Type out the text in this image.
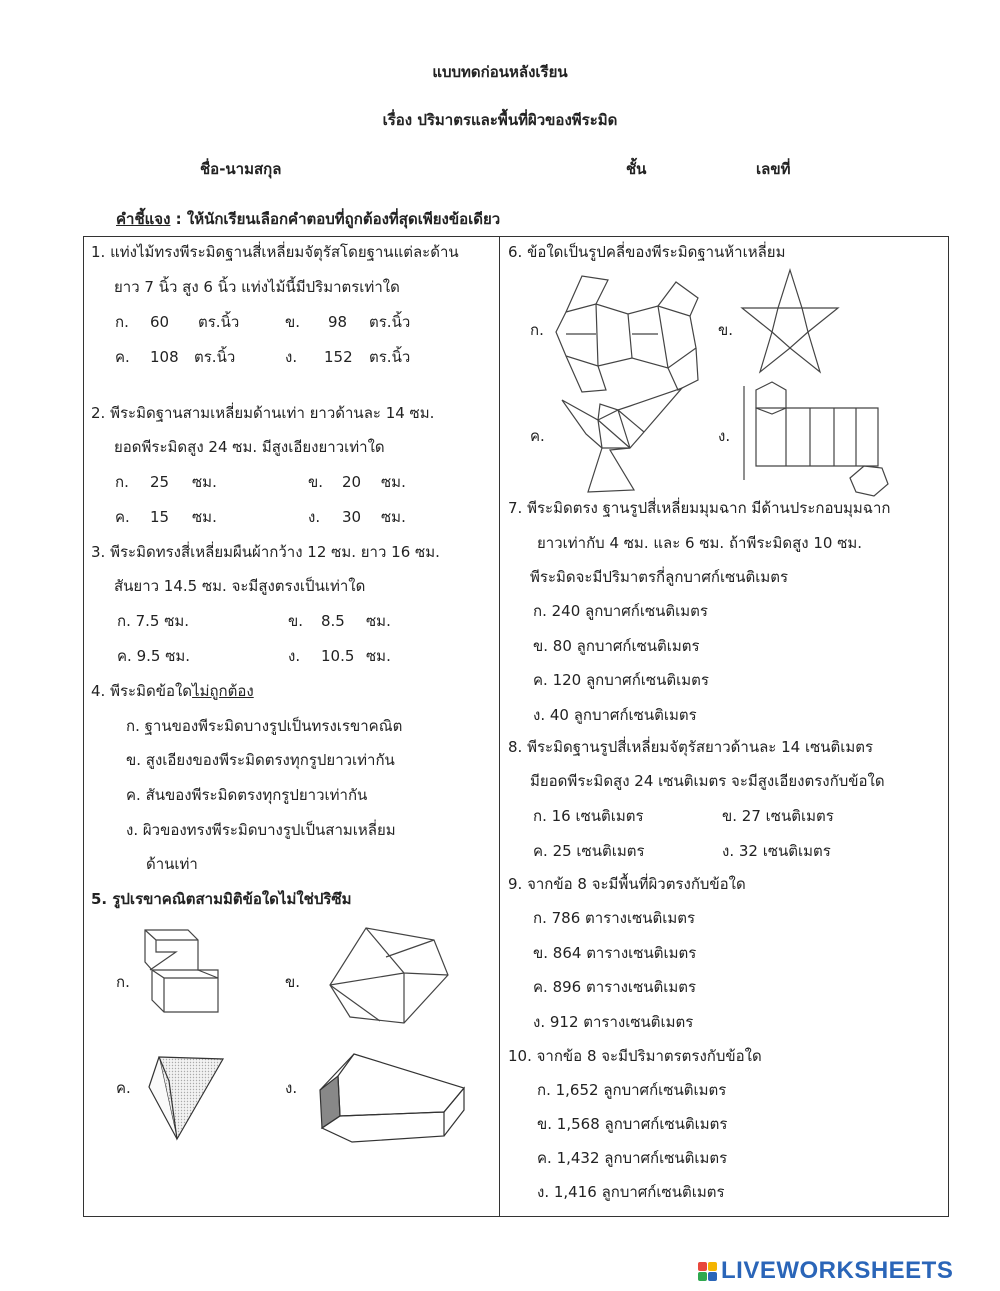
แบบทดก่อนหลังเรียน
เรื่อง ปริมาตรและพื้นที่ผิวของพีระมิด
ชื่อ-นามสกุล	ชั้น	เลขที่
คำชี้แจง : ให้นักเรียนเลือกคำตอบที่ถูกต้องที่สุดเพียงข้อเดียว
1. แท่งไม้ทรงพีระมิดฐานสี่เหลี่ยมจัตุรัสโดยฐานแต่ละด้าน
ยาว 7 นิ้ว สูง 6 นิ้ว แท่งไม้นี้มีปริมาตรเท่าใด
ก. 60 ตร.นิ้ว	ข. 98 ตร.นิ้ว
ค. 108 ตร.นิ้ว	ง. 152 ตร.นิ้ว
2. พีระมิดฐานสามเหลี่ยมด้านเท่า ยาวด้านละ 14 ซม.
ยอดพีระมิดสูง 24 ซม. มีสูงเอียงยาวเท่าใด
ก. 25 ซม.	ข. 20 ซม.
ค. 15 ซม.	ง. 30 ซม.
3. พีระมิดทรงสี่เหลี่ยมผืนผ้ากว้าง 12 ซม. ยาว 16 ซม.
สันยาว 14.5 ซม. จะมีสูงตรงเป็นเท่าใด
ก. 7.5 ซม.	ข. 8.5 ซม.
ค. 9.5 ซม.	ง. 10.5 ซม.
4. พีระมิดข้อใดไม่ถูกต้อง
ก. ฐานของพีระมิดบางรูปเป็นทรงเรขาคณิต
ข. สูงเอียงของพีระมิดตรงทุกรูปยาวเท่ากัน
ค. สันของพีระมิดตรงทุกรูปยาวเท่ากัน
ง. ผิวของทรงพีระมิดบางรูปเป็นสามเหลี่ยม
ด้านเท่า
5. รูปเรขาคณิตสามมิติข้อใดไม่ใช่ปริซึม
ก.	ข.
ค.	ง.
6. ข้อใดเป็นรูปคลี่ของพีระมิดฐานห้าเหลี่ยม
ก.	ข.
ค.	ง.
7. พีระมิดตรง ฐานรูปสี่เหลี่ยมมุมฉาก มีด้านประกอบมุมฉาก
ยาวเท่ากับ 4 ซม. และ 6 ซม. ถ้าพีระมิดสูง 10 ซม.
พีระมิดจะมีปริมาตรกี่ลูกบาศก์เซนติเมตร
ก. 240 ลูกบาศก์เซนติเมตร
ข. 80 ลูกบาศก์เซนติเมตร
ค. 120 ลูกบาศก์เซนติเมตร
ง. 40 ลูกบาศก์เซนติเมตร
8. พีระมิดฐานรูปสี่เหลี่ยมจัตุรัสยาวด้านละ 14 เซนติเมตร
มียอดพีระมิดสูง 24 เซนติเมตร จะมีสูงเอียงตรงกับข้อใด
ก. 16 เซนติเมตร	ข. 27 เซนติเมตร
ค. 25 เซนติเมตร	ง. 32 เซนติเมตร
9. จากข้อ 8 จะมีพื้นที่ผิวตรงกับข้อใด
ก. 786 ตารางเซนติเมตร
ข. 864 ตารางเซนติเมตร
ค. 896 ตารางเซนติเมตร
ง. 912 ตารางเซนติเมตร
10. จากข้อ 8 จะมีปริมาตรตรงกับข้อใด
ก. 1,652 ลูกบาศก์เซนติเมตร
ข. 1,568 ลูกบาศก์เซนติเมตร
ค. 1,432 ลูกบาศก์เซนติเมตร
ง. 1,416 ลูกบาศก์เซนติเมตร
LIVEWORKSHEETS
